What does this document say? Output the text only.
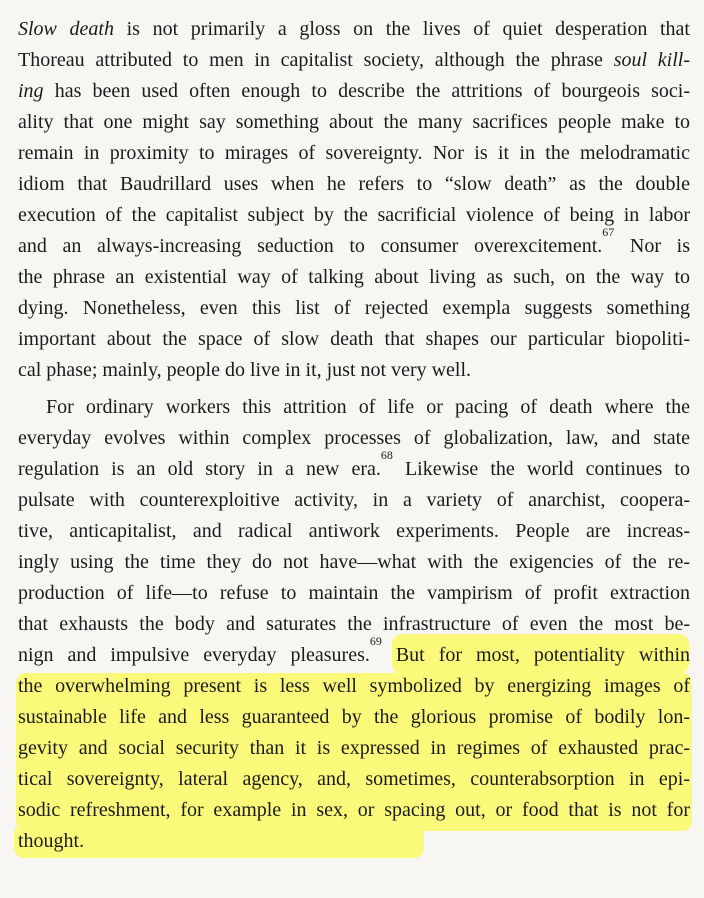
Slow death is not primarily a gloss on the lives of quiet desperation that
Thoreau attributed to men in capitalist society, although the phrase soul kill-
ing has been used often enough to describe the attritions of bourgeois soci-
ality that one might say something about the many sacrifices people make to
remain in proximity to mirages of sovereignty. Nor is it in the melodramatic
idiom that Baudrillard uses when he refers to “slow death” as the double
execution of the capitalist subject by the sacrificial violence of being in labor
and an always-increasing seduction to consumer overexcitement.$^{67}$ Nor is
the phrase an existential way of talking about living as such, on the way to
dying. Nonetheless, even this list of rejected exempla suggests something
important about the space of slow death that shapes our particular biopoliti-
cal phase; mainly, people do live in it, just not very well.
For ordinary workers this attrition of life or pacing of death where the
everyday evolves within complex processes of globalization, law, and state
regulation is an old story in a new era.$^{68}$ Likewise the world continues to
pulsate with counterexploitive activity, in a variety of anarchist, coopera-
tive, anticapitalist, and radical antiwork experiments. People are increas-
ingly using the time they do not have—what with the exigencies of the re-
production of life—to refuse to maintain the vampirism of profit extraction
that exhausts the body and saturates the infrastructure of even the most be-
nign and impulsive everyday pleasures.$^{69}$ But for most, potentiality within
the overwhelming present is less well symbolized by energizing images of
sustainable life and less guaranteed by the glorious promise of bodily lon-
gevity and social security than it is expressed in regimes of exhausted prac-
tical sovereignty, lateral agency, and, sometimes, counterabsorption in epi-
sodic refreshment, for example in sex, or spacing out, or food that is not for
thought.
